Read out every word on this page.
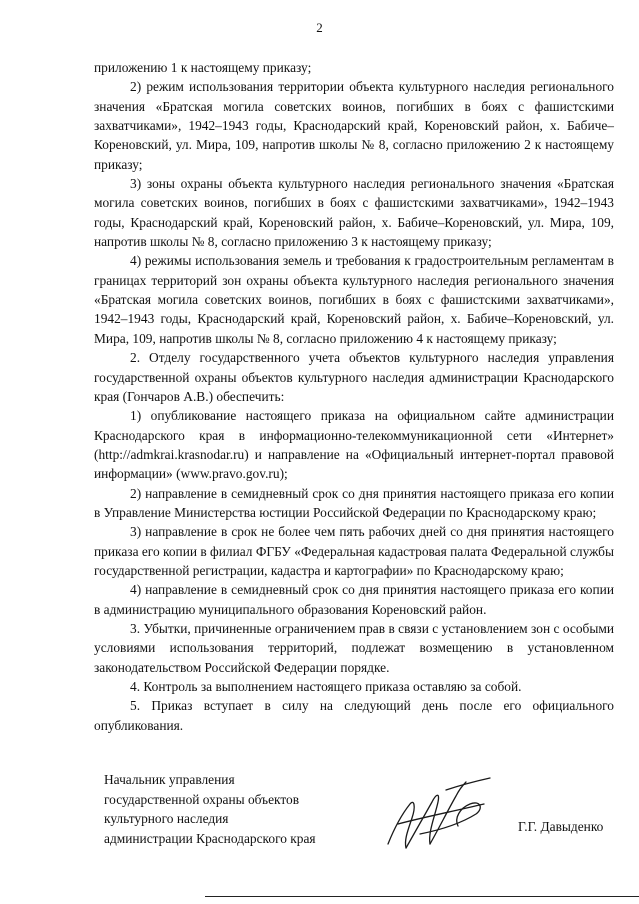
2

приложению 1 к настоящему приказу;

2) режим использования территории объекта культурного наследия регионального значения «Братская могила советских воинов, погибших в боях с фашистскими захватчиками», 1942–1943 годы, Краснодарский край, Кореновский район, х. Бабиче–Кореновский, ул. Мира, 109, напротив школы № 8, согласно приложению 2 к настоящему приказу;

3) зоны охраны объекта культурного наследия регионального значения «Братская могила советских воинов, погибших в боях с фашистскими захватчиками», 1942–1943 годы, Краснодарский край, Кореновский район, х. Бабиче–Кореновский, ул. Мира, 109, напротив школы № 8, согласно приложению 3 к настоящему приказу;

4) режимы использования земель и требования к градостроительным регламентам в границах территорий зон охраны объекта культурного наследия регионального значения «Братская могила советских воинов, погибших в боях с фашистскими захватчиками», 1942–1943 годы, Краснодарский край, Кореновский район, х. Бабиче–Кореновский, ул. Мира, 109, напротив школы № 8, согласно приложению 4 к настоящему приказу;

2. Отделу государственного учета объектов культурного наследия управления государственной охраны объектов культурного наследия администрации Краснодарского края (Гончаров А.В.) обеспечить:

1) опубликование настоящего приказа на официальном сайте администрации Краснодарского края в информационно-телекоммуникационной сети «Интернет» (http://admkrai.krasnodar.ru) и направление на «Официальный интернет-портал правовой информации» (www.pravo.gov.ru);

2) направление в семидневный срок со дня принятия настоящего приказа его копии в Управление Министерства юстиции Российской Федерации по Краснодарскому краю;

3) направление в срок не более чем пять рабочих дней со дня принятия настоящего приказа его копии в филиал ФГБУ «Федеральная кадастровая палата Федеральной службы государственной регистрации, кадастра и картографии» по Краснодарскому краю;

4) направление в семидневный срок со дня принятия настоящего приказа его копии в администрацию муниципального образования Кореновский район.

3. Убытки, причиненные ограничением прав в связи с установлением зон с особыми условиями использования территорий, подлежат возмещению в установленном законодательством Российской Федерации порядке.

4. Контроль за выполнением настоящего приказа оставляю за собой.

5. Приказ вступает в силу на следующий день после его официального опубликования.

Начальник управления
государственной охраны объектов
культурного наследия
администрации Краснодарского края
Г.Г. Давыденко
